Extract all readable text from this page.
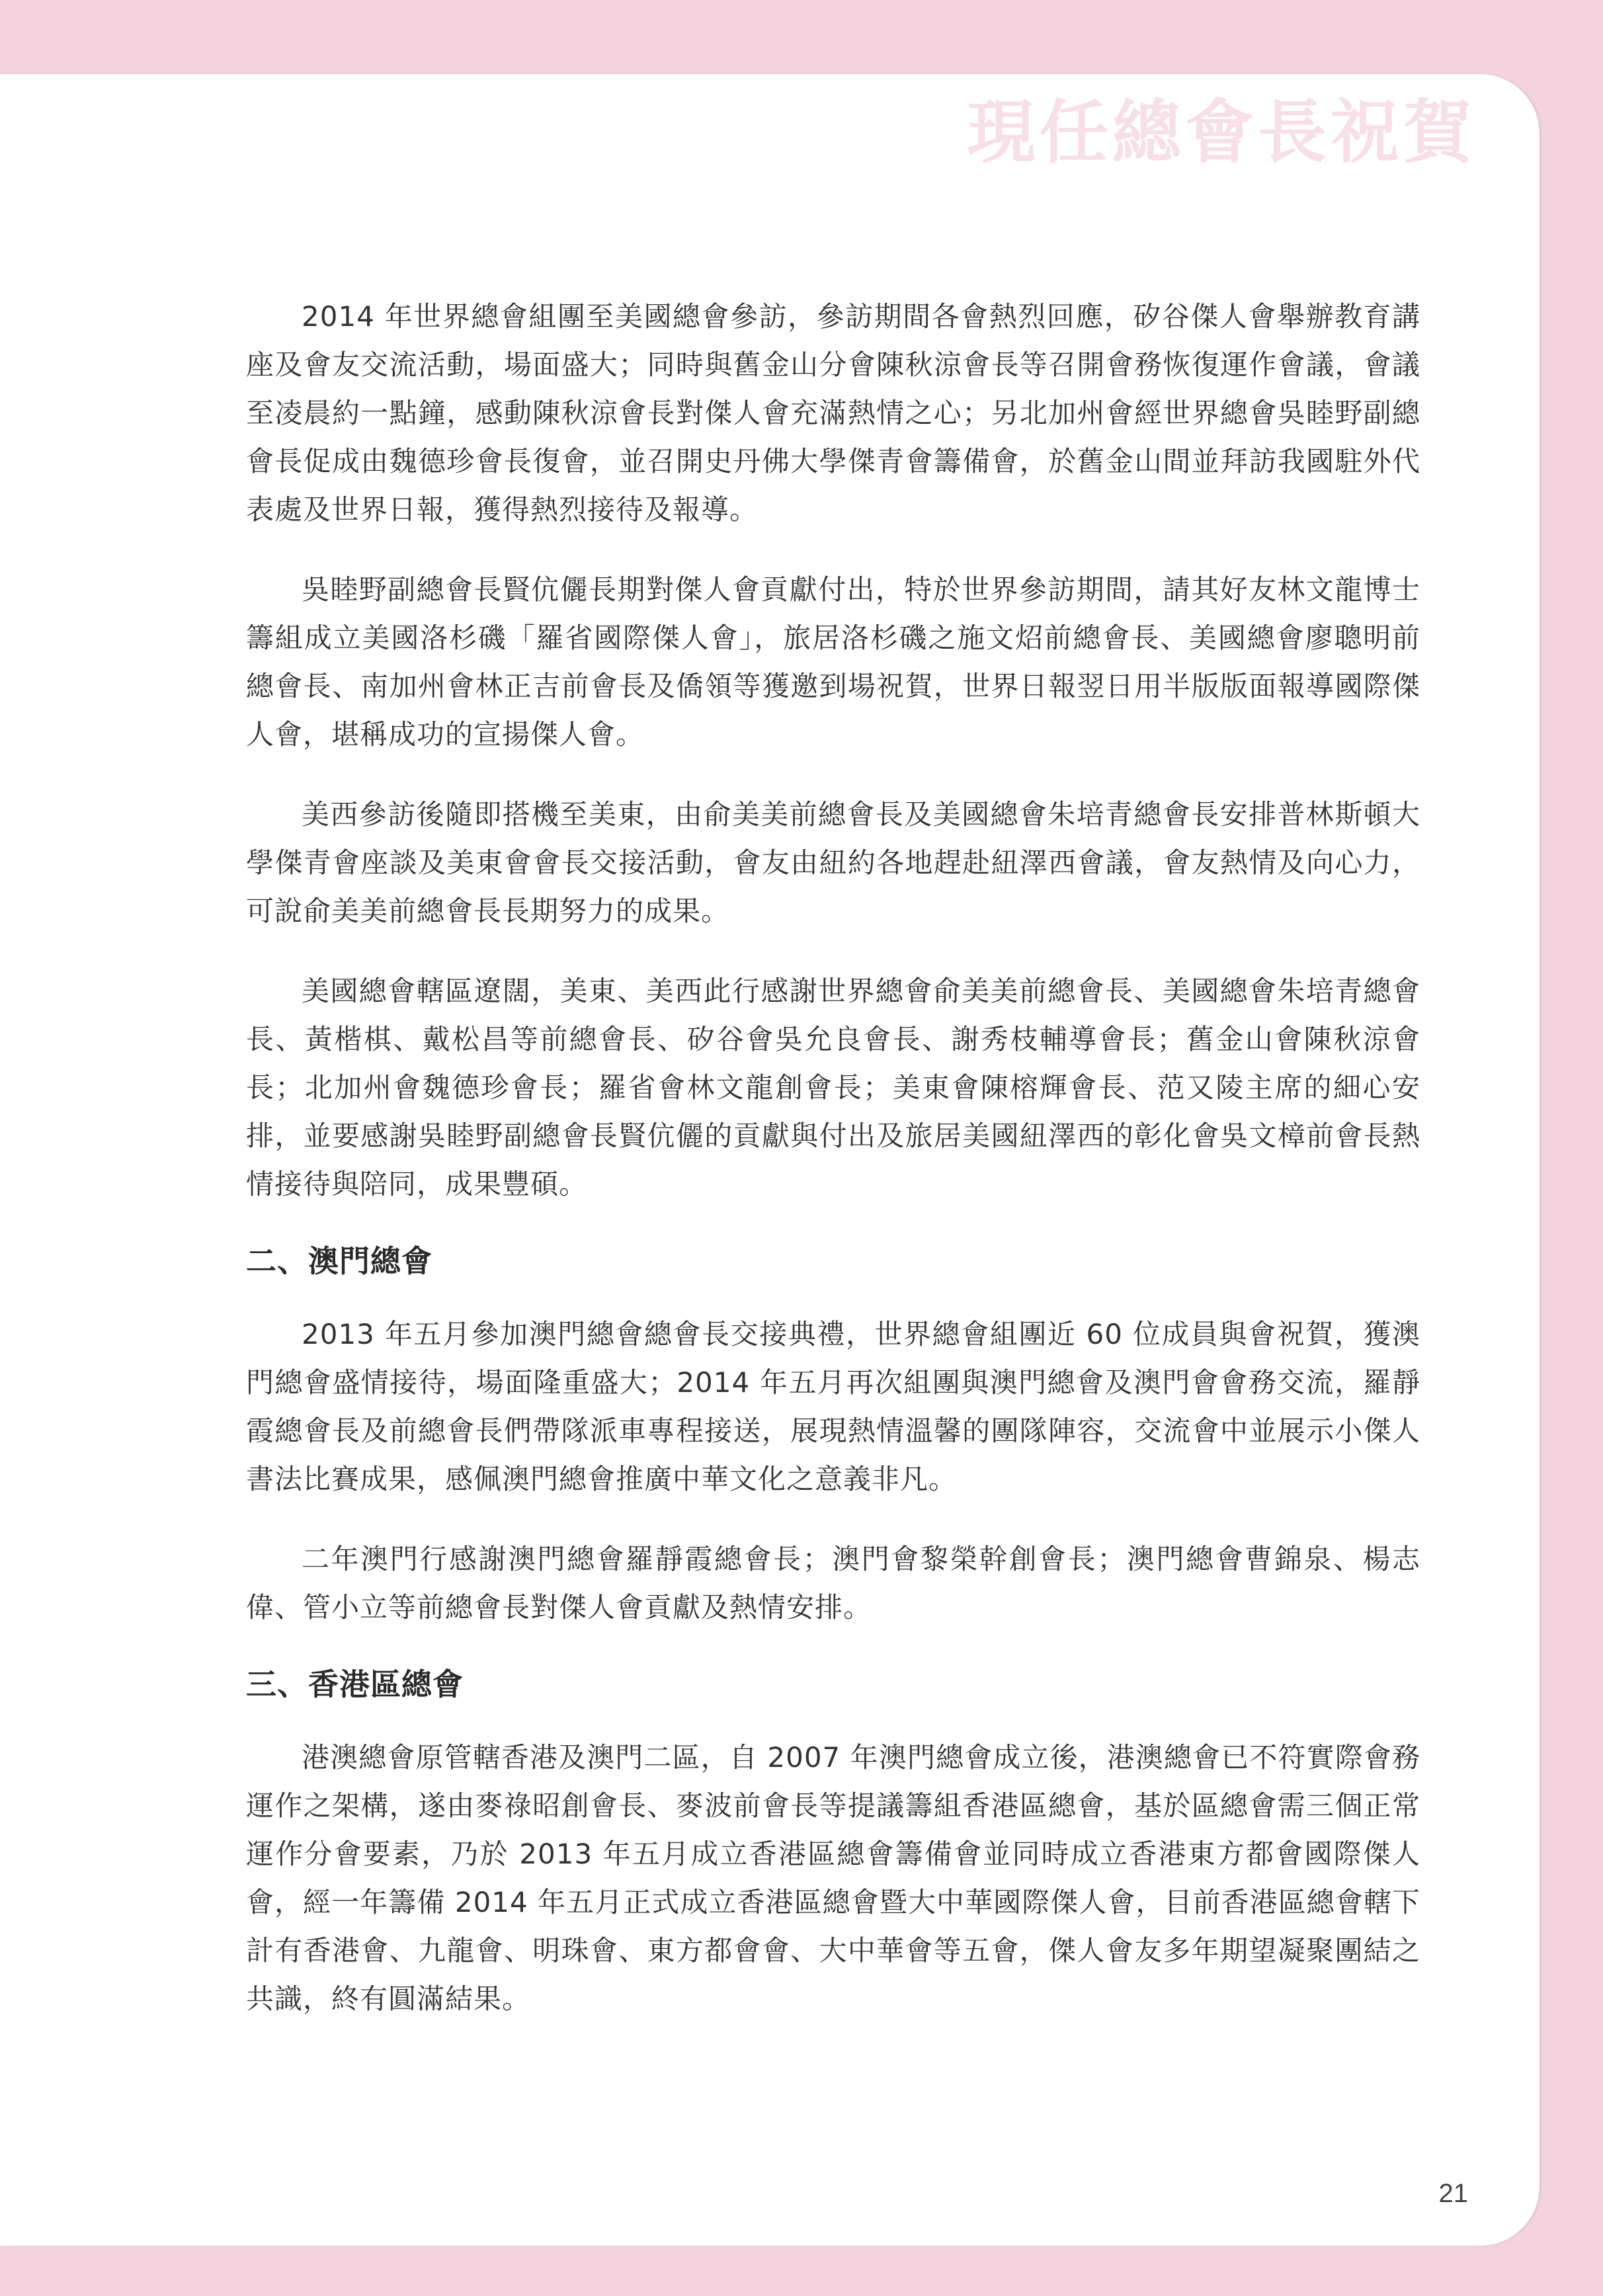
現任總會長祝賀

2014 年世界總會組團至美國總會參訪，參訪期間各會熱烈回應，矽谷傑人會舉辦教育講座及會友交流活動，場面盛大；同時與舊金山分會陳秋涼會長等召開會務恢復運作會議，會議至凌晨約一點鐘，感動陳秋涼會長對傑人會充滿熱情之心；另北加州會經世界總會吳睦野副總會長促成由魏德珍會長復會，並召開史丹佛大學傑青會籌備會，於舊金山間並拜訪我國駐外代表處及世界日報，獲得熱烈接待及報導。

吳睦野副總會長賢伉儷長期對傑人會貢獻付出，特於世界參訪期間，請其好友林文龍博士籌組成立美國洛杉磯「羅省國際傑人會」，旅居洛杉磯之施文炤前總會長、美國總會廖聰明前總會長、南加州會林正吉前會長及僑領等獲邀到場祝賀，世界日報翌日用半版版面報導國際傑人會，堪稱成功的宣揚傑人會。

美西參訪後隨即搭機至美東，由俞美美前總會長及美國總會朱培青總會長安排普林斯頓大學傑青會座談及美東會會長交接活動，會友由紐約各地趕赴紐澤西會議，會友熱情及向心力，可說俞美美前總會長長期努力的成果。

美國總會轄區遼闊，美東、美西此行感謝世界總會俞美美前總會長、美國總會朱培青總會長、黃楷棋、戴松昌等前總會長、矽谷會吳允良會長、謝秀枝輔導會長；舊金山會陳秋涼會長；北加州會魏德珍會長；羅省會林文龍創會長；美東會陳榕輝會長、范又陵主席的細心安排，並要感謝吳睦野副總會長賢伉儷的貢獻與付出及旅居美國紐澤西的彰化會吳文樟前會長熱情接待與陪同，成果豐碩。

二、澳門總會

2013 年五月參加澳門總會總會長交接典禮，世界總會組團近 60 位成員與會祝賀，獲澳門總會盛情接待，場面隆重盛大；2014 年五月再次組團與澳門總會及澳門會會務交流，羅靜霞總會長及前總會長們帶隊派車專程接送，展現熱情溫馨的團隊陣容，交流會中並展示小傑人書法比賽成果，感佩澳門總會推廣中華文化之意義非凡。

二年澳門行感謝澳門總會羅靜霞總會長；澳門會黎榮幹創會長；澳門總會曹錦泉、楊志偉、管小立等前總會長對傑人會貢獻及熱情安排。

三、香港區總會

港澳總會原管轄香港及澳門二區，自 2007 年澳門總會成立後，港澳總會已不符實際會務運作之架構，遂由麥祿昭創會長、麥波前會長等提議籌組香港區總會，基於區總會需三個正常運作分會要素，乃於 2013 年五月成立香港區總會籌備會並同時成立香港東方都會國際傑人會，經一年籌備 2014 年五月正式成立香港區總會暨大中華國際傑人會，目前香港區總會轄下計有香港會、九龍會、明珠會、東方都會會、大中華會等五會，傑人會友多年期望凝聚團結之共識，終有圓滿結果。

21
